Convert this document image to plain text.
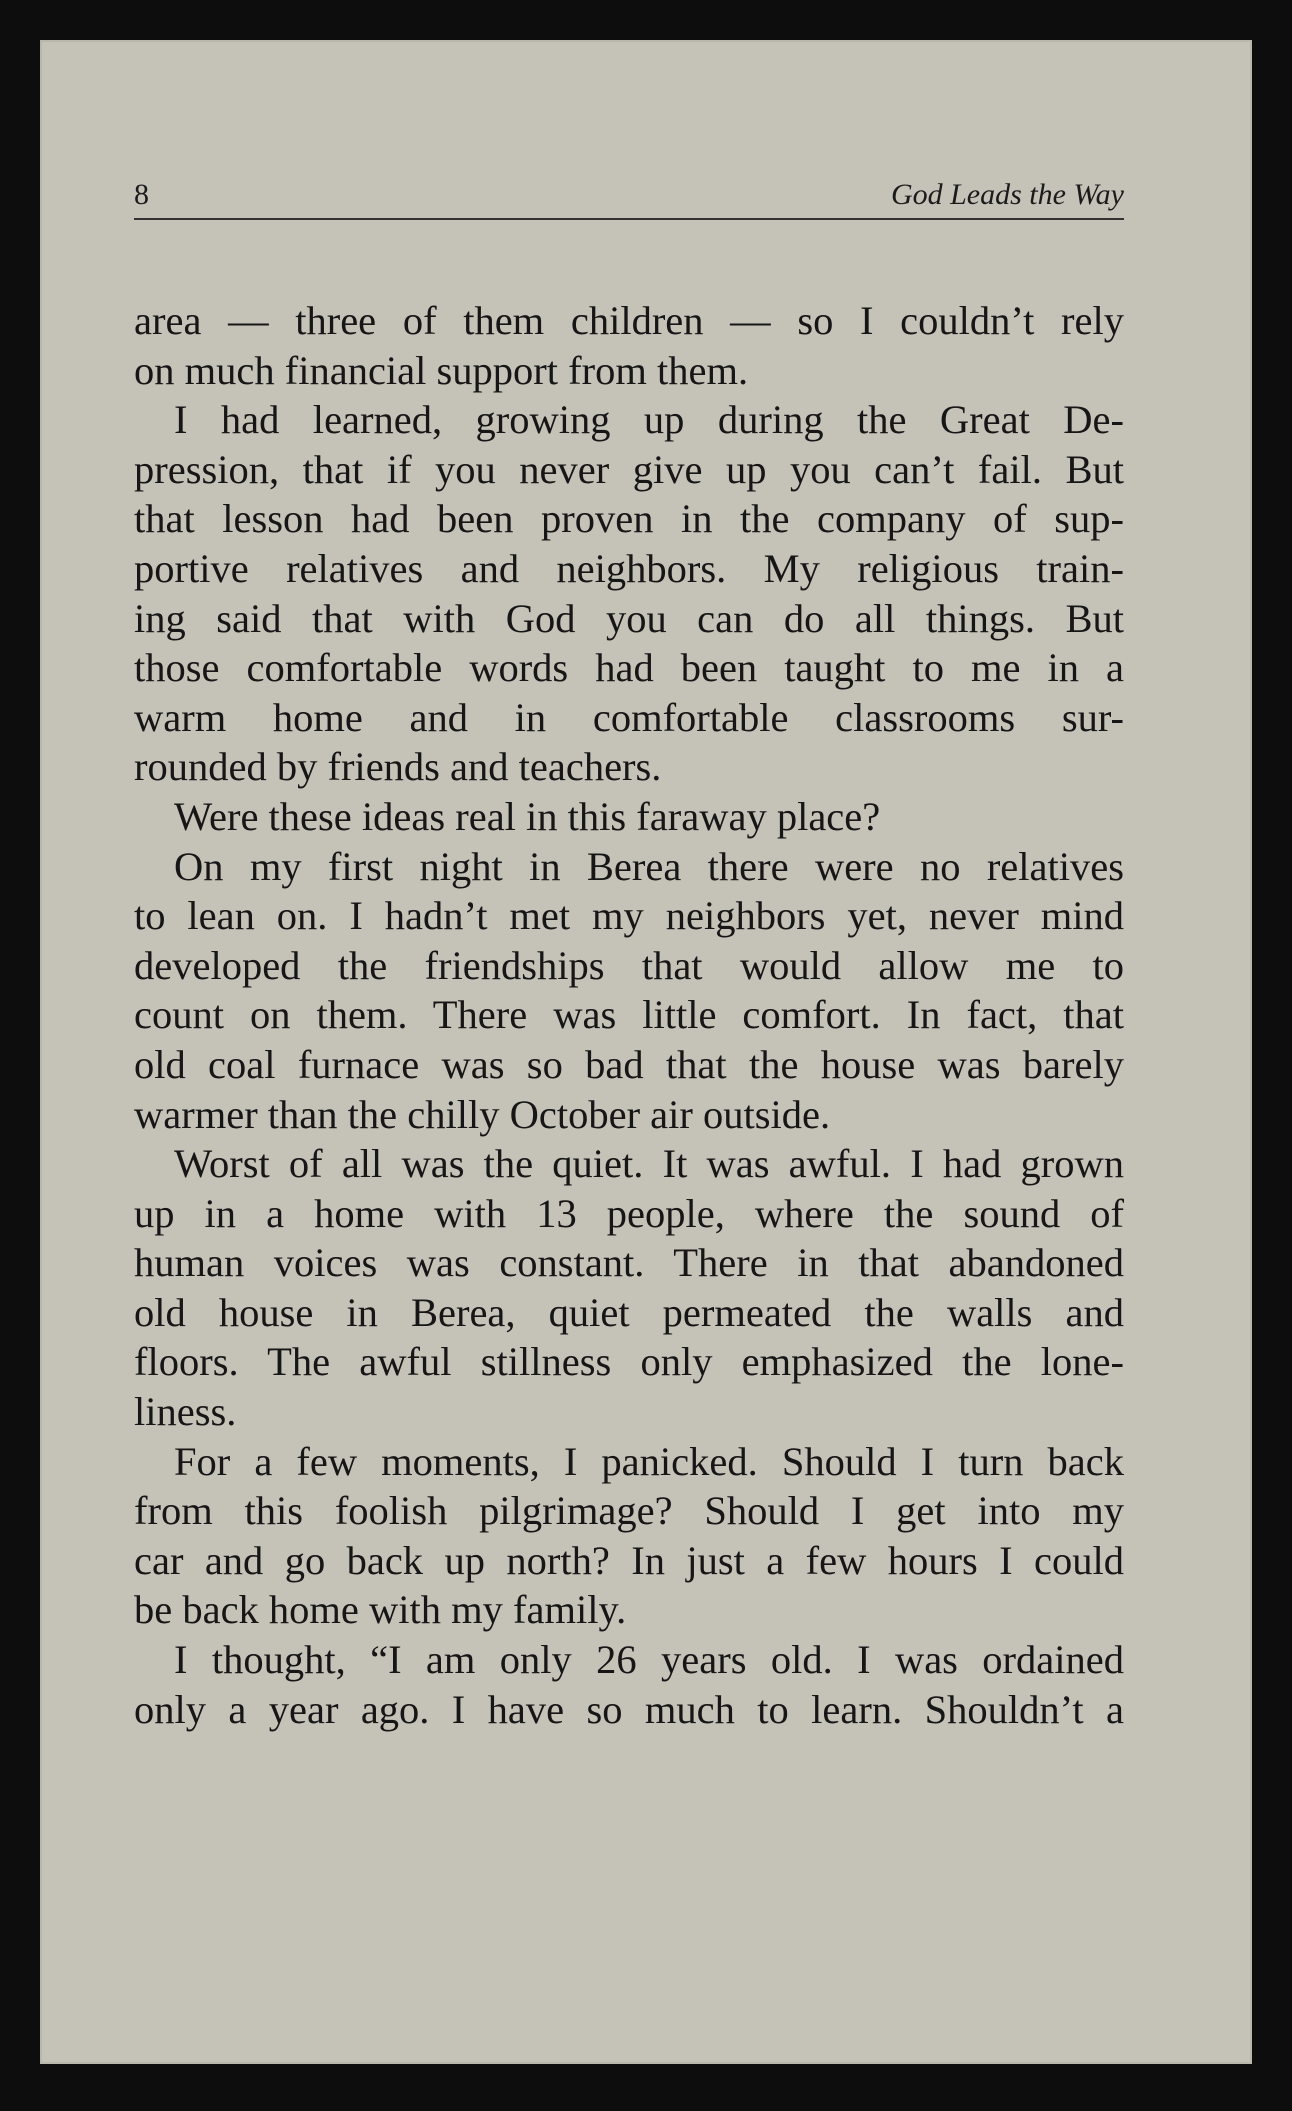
8	God Leads the Way
area — three of them children — so I couldn’t rely
on much financial support from them.
I had learned, growing up during the Great De-
pression, that if you never give up you can’t fail. But
that lesson had been proven in the company of sup-
portive relatives and neighbors. My religious train-
ing said that with God you can do all things. But
those comfortable words had been taught to me in a
warm home and in comfortable classrooms sur-
rounded by friends and teachers.
Were these ideas real in this faraway place?
On my first night in Berea there were no relatives
to lean on. I hadn’t met my neighbors yet, never mind
developed the friendships that would allow me to
count on them. There was little comfort. In fact, that
old coal furnace was so bad that the house was barely
warmer than the chilly October air outside.
Worst of all was the quiet. It was awful. I had grown
up in a home with 13 people, where the sound of
human voices was constant. There in that abandoned
old house in Berea, quiet permeated the walls and
floors. The awful stillness only emphasized the lone-
liness.
For a few moments, I panicked. Should I turn back
from this foolish pilgrimage? Should I get into my
car and go back up north? In just a few hours I could
be back home with my family.
I thought, “I am only 26 years old. I was ordained
only a year ago. I have so much to learn. Shouldn’t a
